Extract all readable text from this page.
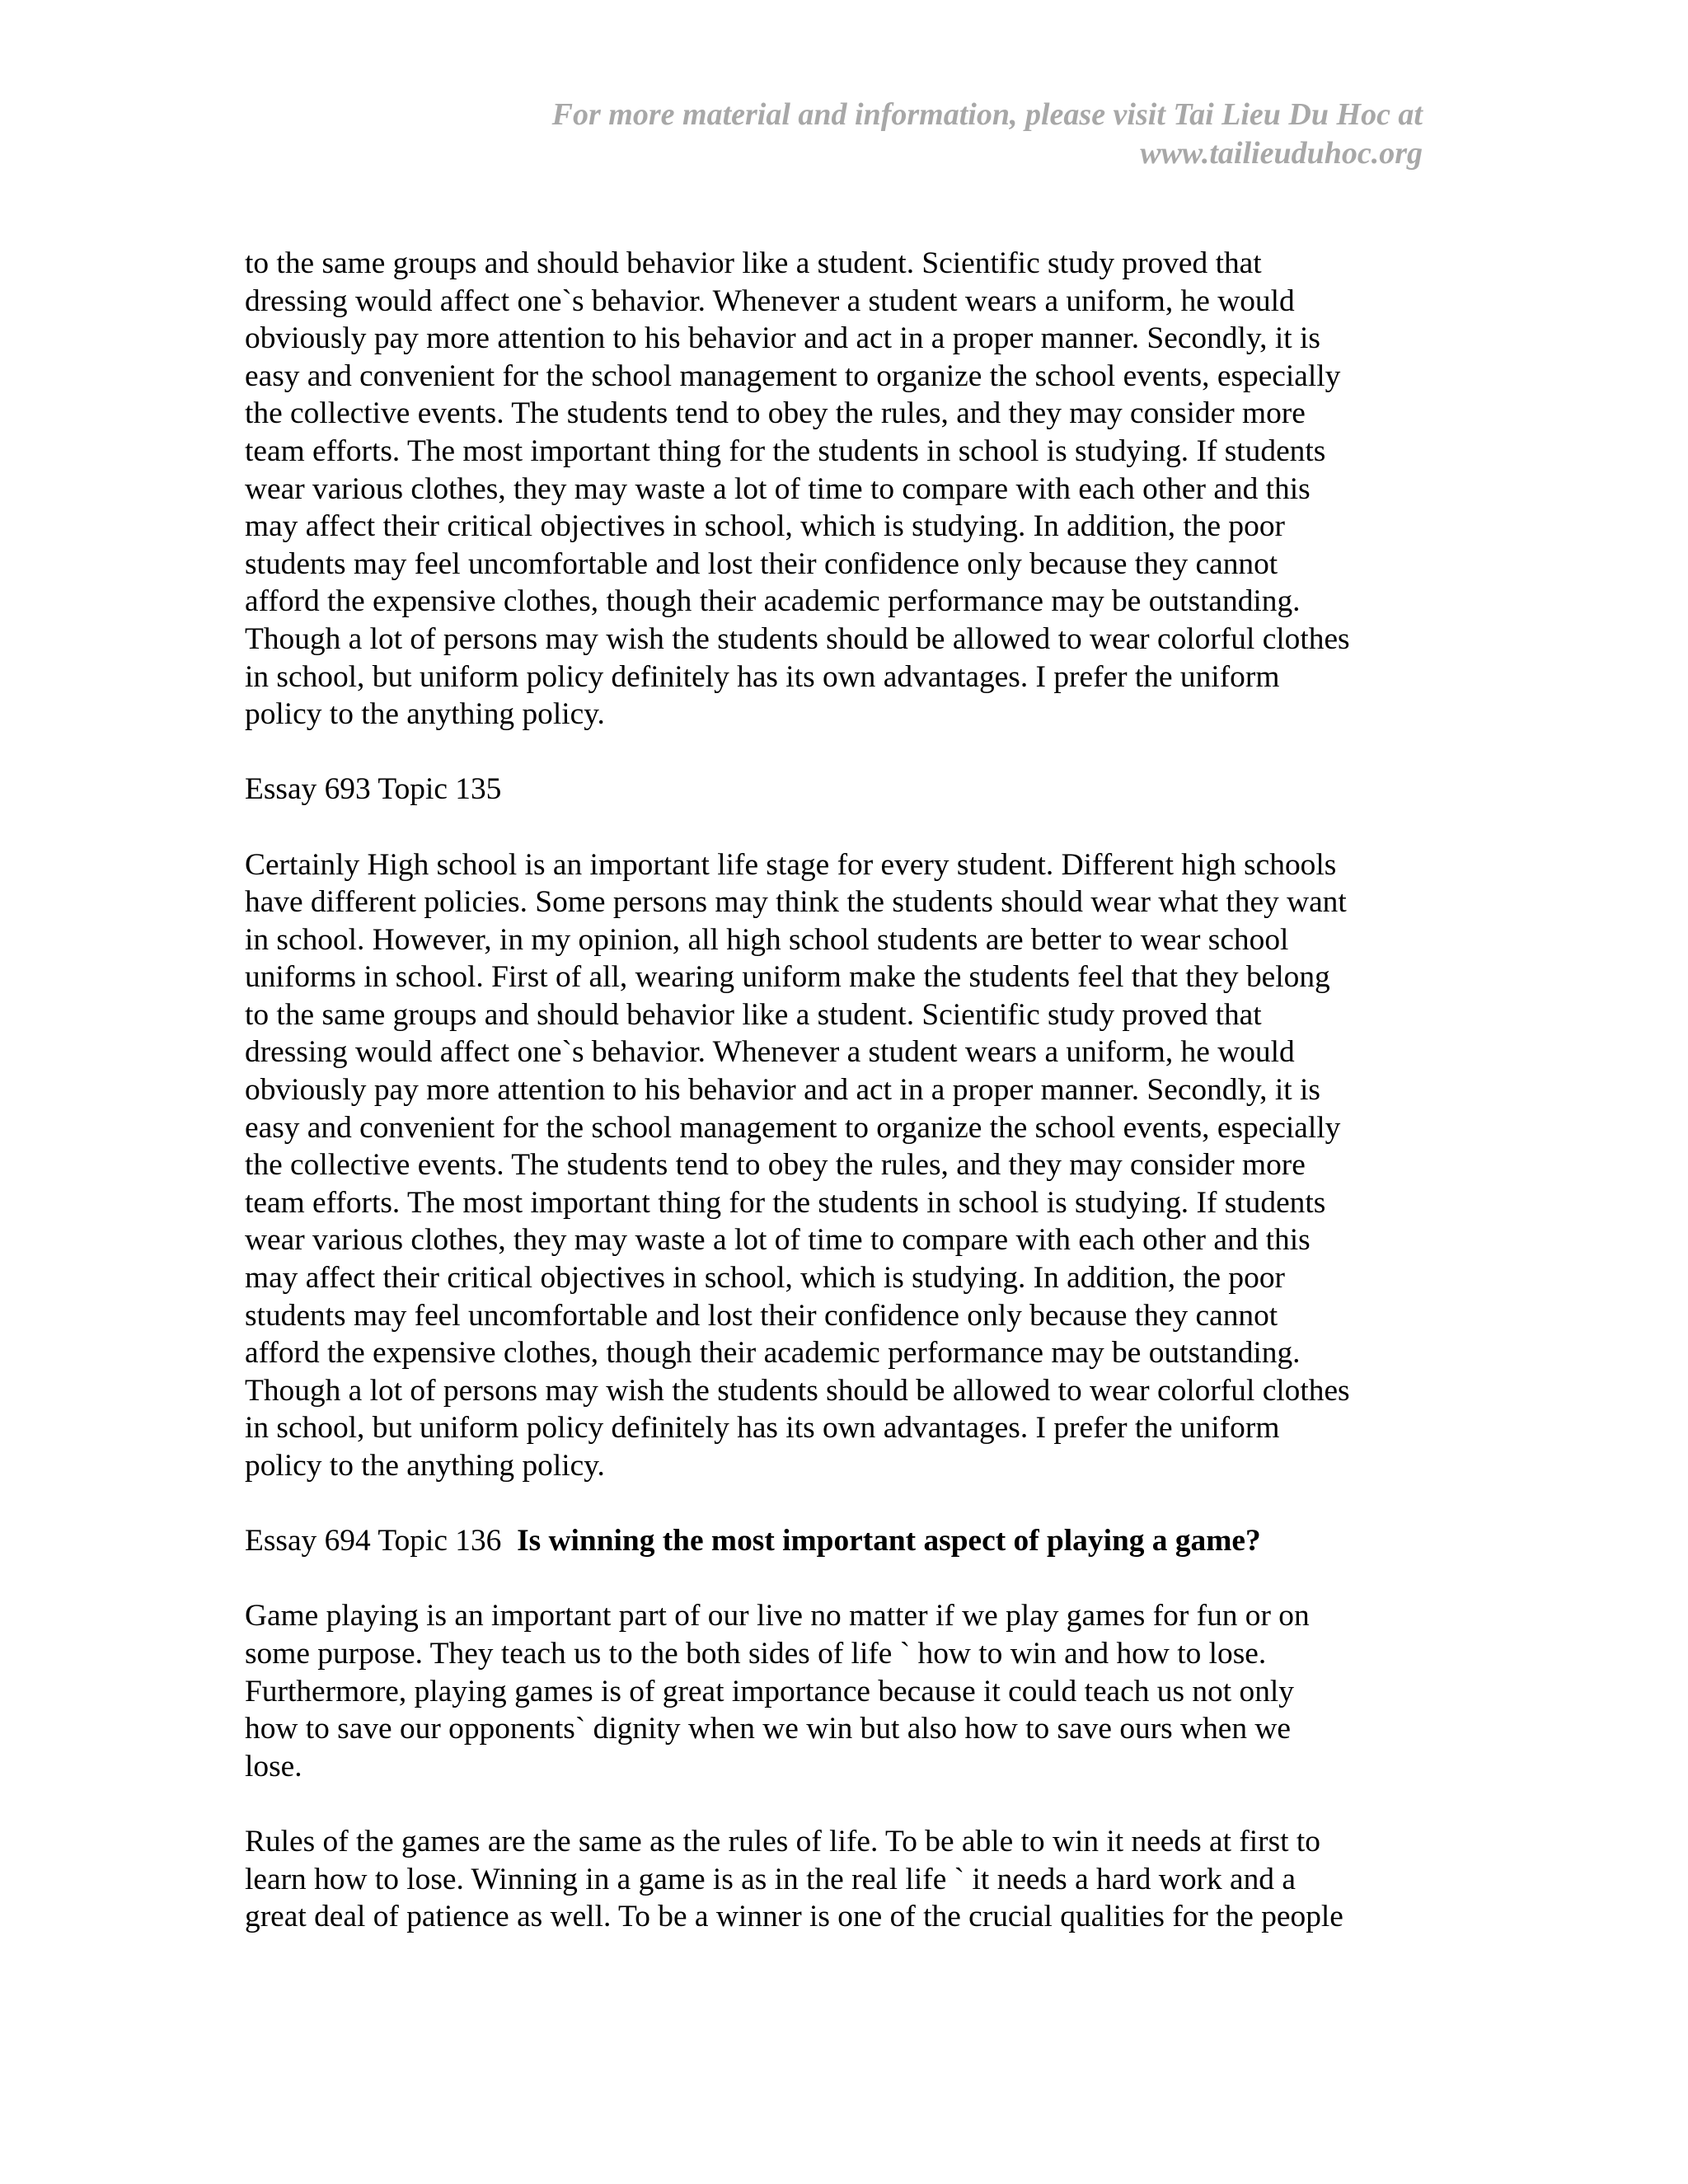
For more material and information, please visit Tai Lieu Du Hoc at
www.tailieuduhoc.org
to the same groups and should behavior like a student. Scientific study proved that
dressing would affect one`s behavior. Whenever a student wears a uniform, he would
obviously pay more attention to his behavior and act in a proper manner. Secondly, it is
easy and convenient for the school management to organize the school events, especially
the collective events. The students tend to obey the rules, and they may consider more
team efforts. The most important thing for the students in school is studying. If students
wear various clothes, they may waste a lot of time to compare with each other and this
may affect their critical objectives in school, which is studying. In addition, the poor
students may feel uncomfortable and lost their confidence only because they cannot
afford the expensive clothes, though their academic performance may be outstanding.
Though a lot of persons may wish the students should be allowed to wear colorful clothes
in school, but uniform policy definitely has its own advantages. I prefer the uniform
policy to the anything policy.
Essay 693 Topic 135
Certainly High school is an important life stage for every student. Different high schools
have different policies. Some persons may think the students should wear what they want
in school. However, in my opinion, all high school students are better to wear school
uniforms in school. First of all, wearing uniform make the students feel that they belong
to the same groups and should behavior like a student. Scientific study proved that
dressing would affect one`s behavior. Whenever a student wears a uniform, he would
obviously pay more attention to his behavior and act in a proper manner. Secondly, it is
easy and convenient for the school management to organize the school events, especially
the collective events. The students tend to obey the rules, and they may consider more
team efforts. The most important thing for the students in school is studying. If students
wear various clothes, they may waste a lot of time to compare with each other and this
may affect their critical objectives in school, which is studying. In addition, the poor
students may feel uncomfortable and lost their confidence only because they cannot
afford the expensive clothes, though their academic performance may be outstanding.
Though a lot of persons may wish the students should be allowed to wear colorful clothes
in school, but uniform policy definitely has its own advantages. I prefer the uniform
policy to the anything policy.
Essay 694 Topic 136 Is winning the most important aspect of playing a game?
Game playing is an important part of our live no matter if we play games for fun or on
some purpose. They teach us to the both sides of life ` how to win and how to lose.
Furthermore, playing games is of great importance because it could teach us not only
how to save our opponents` dignity when we win but also how to save ours when we
lose.
Rules of the games are the same as the rules of life. To be able to win it needs at first to
learn how to lose. Winning in a game is as in the real life ` it needs a hard work and a
great deal of patience as well. To be a winner is one of the crucial qualities for the people
